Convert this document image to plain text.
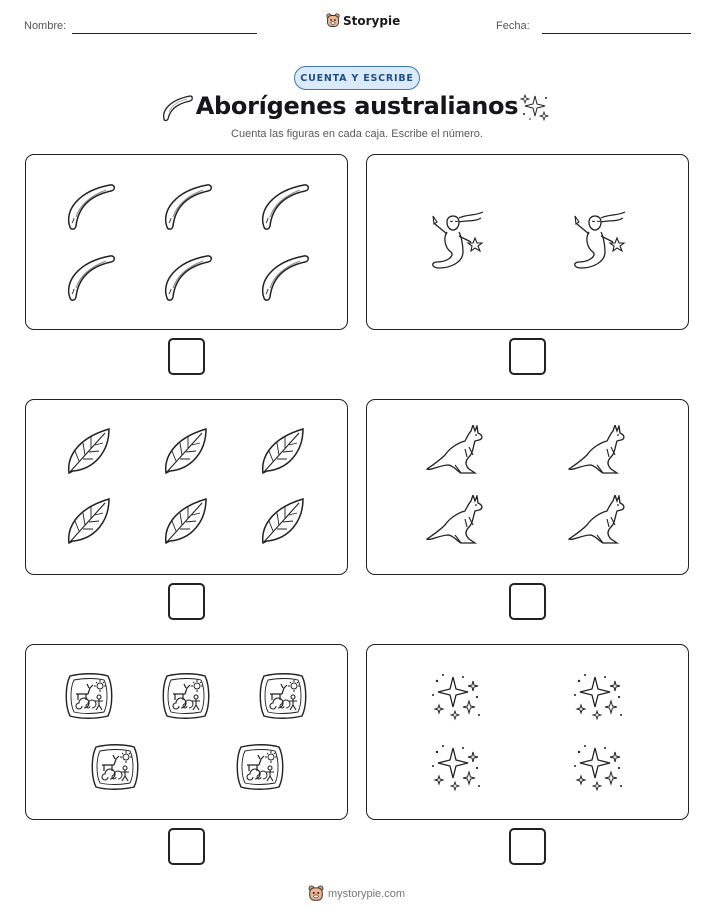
Nombre:	Storypie	Fecha:
CUENTA Y ESCRIBE
Aborígenes australianos
Cuenta las figuras en cada caja. Escribe el número.
mystorypie.com
